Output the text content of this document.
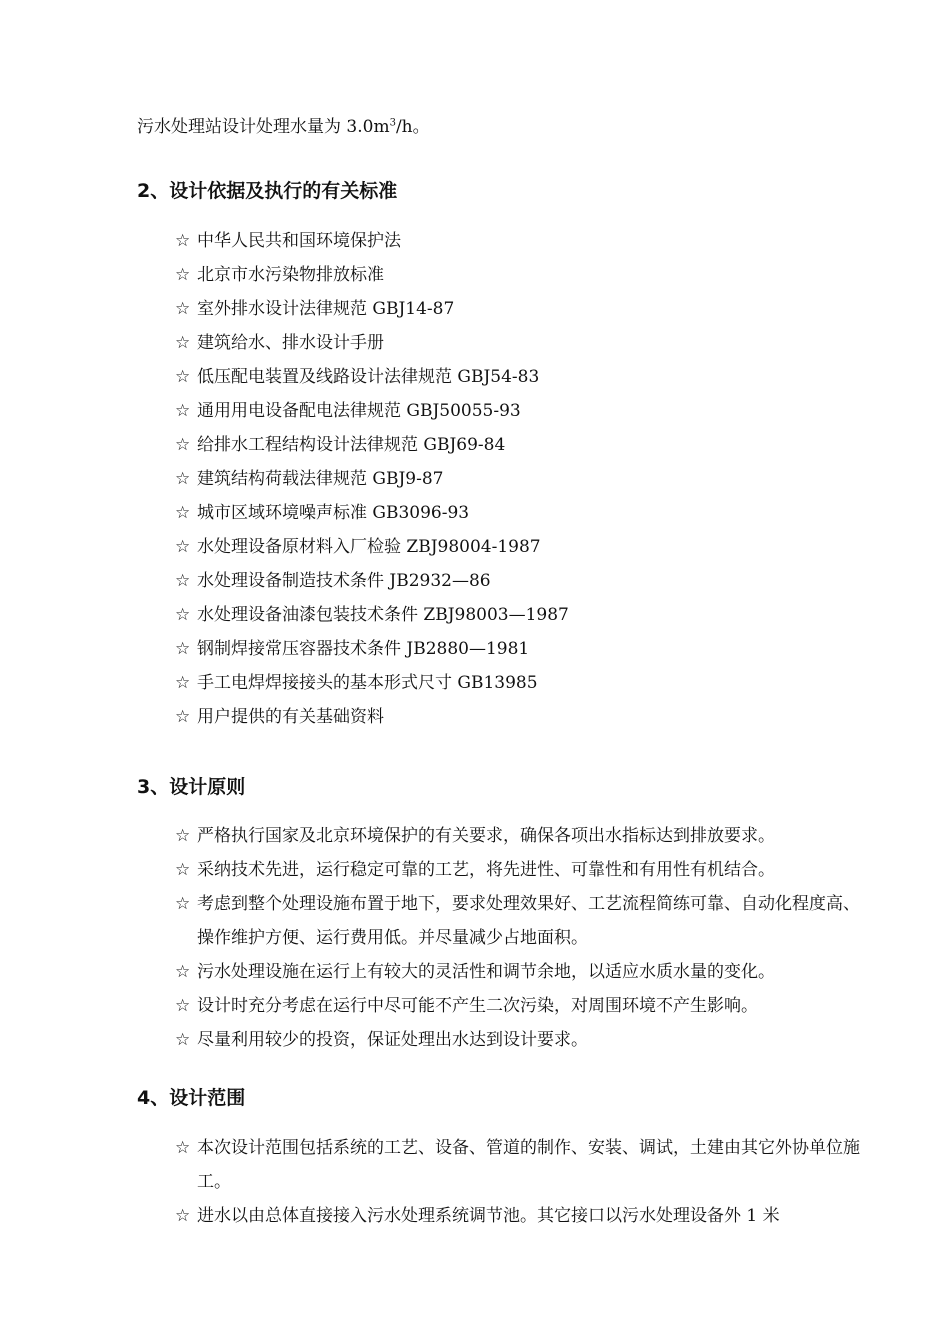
污水处理站设计处理水量为 $3.0m^3/h$。
2、设计依据及执行的有关标准
☆ 中华人民共和国环境保护法
☆ 北京市水污染物排放标准
☆ 室外排水设计法律规范 GBJ14-87
☆ 建筑给水、排水设计手册
☆ 低压配电装置及线路设计法律规范 GBJ54-83
☆ 通用用电设备配电法律规范 GBJ50055-93
☆ 给排水工程结构设计法律规范 GBJ69-84
☆ 建筑结构荷载法律规范 GBJ9-87
☆ 城市区域环境噪声标准 GB3096-93
☆ 水处理设备原材料入厂检验 ZBJ98004-1987
☆ 水处理设备制造技术条件 JB2932—86
☆ 水处理设备油漆包装技术条件 ZBJ98003—1987
☆ 钢制焊接常压容器技术条件 JB2880—1981
☆ 手工电焊焊接接头的基本形式尺寸 GB13985
☆ 用户提供的有关基础资料
3、设计原则
☆ 严格执行国家及北京环境保护的有关要求，确保各项出水指标达到排放要求。
☆ 采纳技术先进，运行稳定可靠的工艺，将先进性、可靠性和有用性有机结合。
☆ 考虑到整个处理设施布置于地下，要求处理效果好、工艺流程简练可靠、自动化程度高、操作维护方便、运行费用低。并尽量减少占地面积。
☆ 污水处理设施在运行上有较大的灵活性和调节余地，以适应水质水量的变化。
☆ 设计时充分考虑在运行中尽可能不产生二次污染，对周围环境不产生影响。
☆ 尽量利用较少的投资，保证处理出水达到设计要求。
4、设计范围
☆ 本次设计范围包括系统的工艺、设备、管道的制作、安装、调试，土建由其它外协单位施工。
☆ 进水以由总体直接接入污水处理系统调节池。其它接口以污水处理设备外 1 米
